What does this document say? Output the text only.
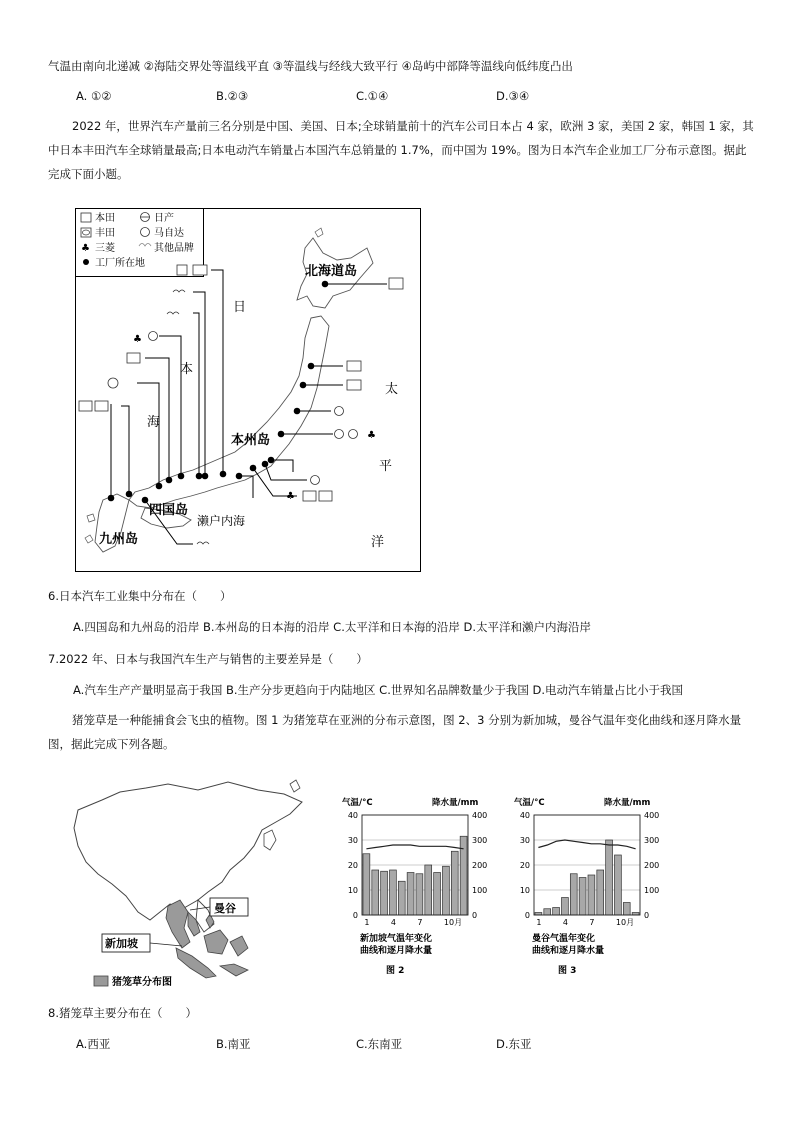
气温由南向北递减 ②海陆交界处等温线平直 ③等温线与经线大致平行 ④岛屿中部降等温线向低纬度凸出
A. ①②	B.②③	C.①④	D.③④
2022 年，世界汽车产量前三名分别是中国、美国、日本;全球销量前十的汽车公司日本占 4 家，欧洲 3 家，美国 2 家，韩国 1 家，其中日本丰田汽车全球销量最高;日本电动汽车销量占本国汽车总销量的 1.7%，而中国为 19%。图为日本汽车企业加工厂分布示意图。据此完成下面小题。
本田	日产
丰田	马自达
♣ 三菱	其他品牌
工厂所在地
♣
♣
♣
北海道岛
本州岛
四国岛
九州岛
濑户内海
日
本
海
太
平
洋
6.日本汽车工业集中分布在（　　）
A.四国岛和九州岛的沿岸 B.本州岛的日本海的沿岸 C.太平洋和日本海的沿岸 D.太平洋和濑户内海沿岸
7.2022 年、日本与我国汽车生产与销售的主要差异是（　　）
A.汽车生产产量明显高于我国 B.生产分步更趋向于内陆地区 C.世界知名品牌数量少于我国 D.电动汽车销量占比小于我国
猪笼草是一种能捕食会飞虫的植物。图 1 为猪笼草在亚洲的分布示意图，图 2、3 分别为新加城，曼谷气温年变化曲线和逐月降水量图，据此完成下列各题。
曼谷
新加坡
猪笼草分布图
气温/°C	降水量/mm
40
30
20
10
0
400
300
200
100
0
1	4	7	10月
新加坡气温年变化
曲线和逐月降水量
图 2
气温/°C	降水量/mm
40
30
20
10
0
400
300
200
100
0
1	4	7	10月
曼谷气温年变化
曲线和逐月降水量
图 3
8.猪笼草主要分布在（　　）
A.西亚	B.南亚	C.东南亚	D.东亚
